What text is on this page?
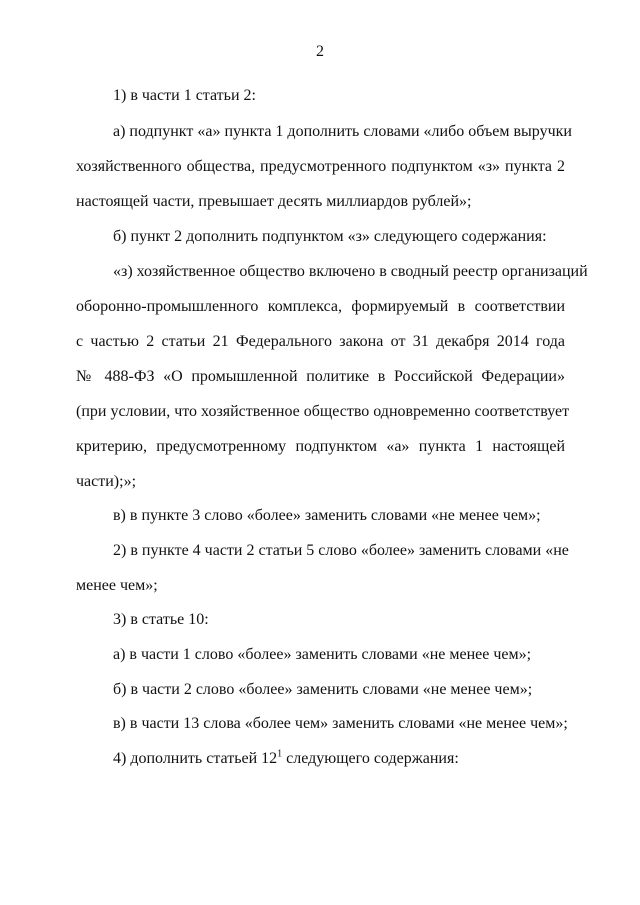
2
1) в части 1 статьи 2:
а) подпункт «а» пункта 1 дополнить словами «либо объем выручки
хозяйственного общества, предусмотренного подпунктом «з» пункта 2
настоящей части, превышает десять миллиардов рублей»;
б) пункт 2 дополнить подпунктом «з» следующего содержания:
«з) хозяйственное общество включено в сводный реестр организаций
оборонно-промышленного комплекса, формируемый в соответствии
с частью 2 статьи 21 Федерального закона от 31 декабря 2014 года
№ 488-ФЗ «О промышленной политике в Российской Федерации»
(при условии, что хозяйственное общество одновременно соответствует
критерию, предусмотренному подпунктом «а» пункта 1 настоящей
части);»;
в) в пункте 3 слово «более» заменить словами «не менее чем»;
2) в пункте 4 части 2 статьи 5 слово «более» заменить словами «не
менее чем»;
3) в статье 10:
а) в части 1 слово «более» заменить словами «не менее чем»;
б) в части 2 слово «более» заменить словами «не менее чем»;
в) в части 13 слова «более чем» заменить словами «не менее чем»;
4) дополнить статьей $12^1$ следующего содержания:
